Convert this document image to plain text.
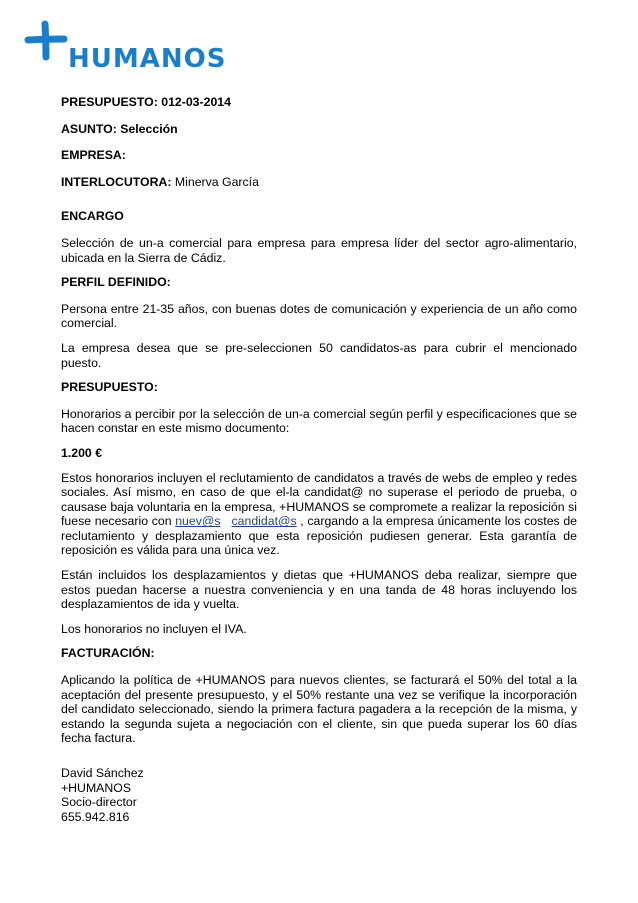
HUMANOS

PRESUPUESTO: 012-03-2014

ASUNTO: Selección

EMPRESA:

INTERLOCUTORA: Minerva García

ENCARGO

Selección de un-a comercial para empresa para empresa líder del sector agro-alimentario, ubicada en la Sierra de Cádiz.

PERFIL DEFINIDO:

Persona entre 21-35 años, con buenas dotes de comunicación y experiencia de un año como comercial.

La empresa desea que se pre-seleccionen 50 candidatos-as para cubrir el mencionado puesto.

PRESUPUESTO:

Honorarios a percibir por la selección de un-a comercial según perfil y especificaciones que se hacen constar en este mismo documento:

1.200 €

Estos honorarios incluyen el reclutamiento de candidatos a través de webs de empleo y redes sociales. Así mismo, en caso de que el-la candidat@ no superase el periodo de prueba, o causase baja voluntaria en la empresa, +HUMANOS se compromete a realizar la reposición si fuese necesario con nuev@s candidat@s , cargando a la empresa únicamente los costes de reclutamiento y desplazamiento que esta reposición pudiesen generar. Esta garantía de reposición es válida para una única vez.

Están incluidos los desplazamientos y dietas que +HUMANOS deba realizar, siempre que estos puedan hacerse a nuestra conveniencia y en una tanda de 48 horas incluyendo los desplazamientos de ida y vuelta.

Los honorarios no incluyen el IVA.

FACTURACIÓN:

Aplicando la política de +HUMANOS para nuevos clientes, se facturará el 50% del total a la aceptación del presente presupuesto, y el 50% restante una vez se verifique la incorporación del candidato seleccionado, siendo la primera factura pagadera a la recepción de la misma, y estando la segunda sujeta a negociación con el cliente, sin que pueda superar los 60 días fecha factura.

David Sánchez

+HUMANOS

Socio-director

655.942.816
